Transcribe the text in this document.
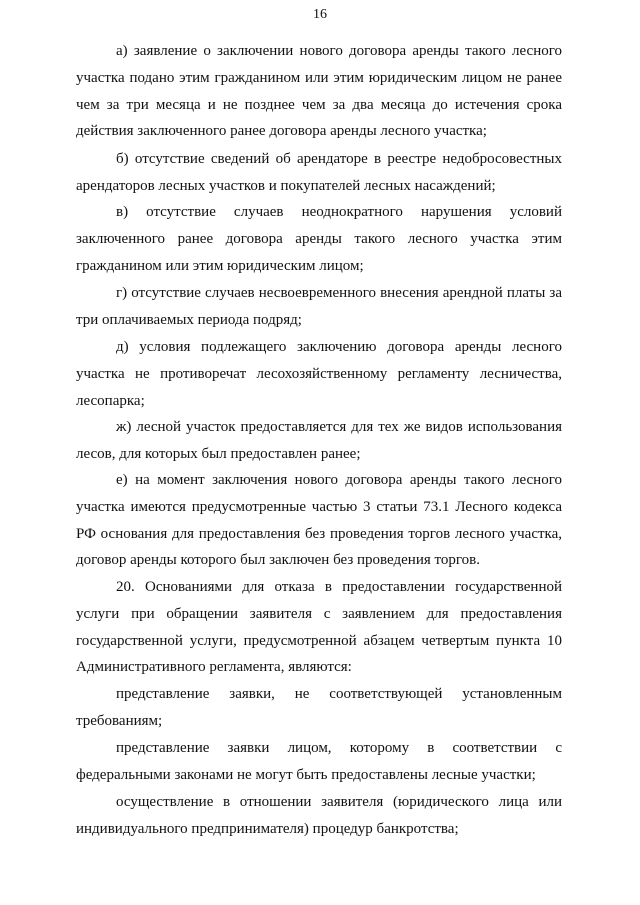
16

а) заявление о заключении нового договора аренды такого лесного участка подано этим гражданином или этим юридическим лицом не ранее чем за три месяца и не позднее чем за два месяца до истечения срока действия заключенного ранее договора аренды лесного участка;

б) отсутствие сведений об арендаторе в реестре недобросовестных арендаторов лесных участков и покупателей лесных насаждений;

в) отсутствие случаев неоднократного нарушения условий заключенного ранее договора аренды такого лесного участка этим гражданином или этим юридическим лицом;

г) отсутствие случаев несвоевременного внесения арендной платы за три оплачиваемых периода подряд;

д) условия подлежащего заключению договора аренды лесного участка не противоречат лесохозяйственному регламенту лесничества, лесопарка;

ж) лесной участок предоставляется для тех же видов использования лесов, для которых был предоставлен ранее;

е) на момент заключения нового договора аренды такого лесного участка имеются предусмотренные частью 3 статьи 73.1 Лесного кодекса РФ основания для предоставления без проведения торгов лесного участка, договор аренды которого был заключен без проведения торгов.

20. Основаниями для отказа в предоставлении государственной услуги при обращении заявителя с заявлением для предоставления государственной услуги, предусмотренной абзацем четвертым пункта 10 Административного регламента, являются:

представление заявки, не соответствующей установленным требованиям;

представление заявки лицом, которому в соответствии с федеральными законами не могут быть предоставлены лесные участки;

осуществление в отношении заявителя (юридического лица или индивидуального предпринимателя) процедур банкротства;
